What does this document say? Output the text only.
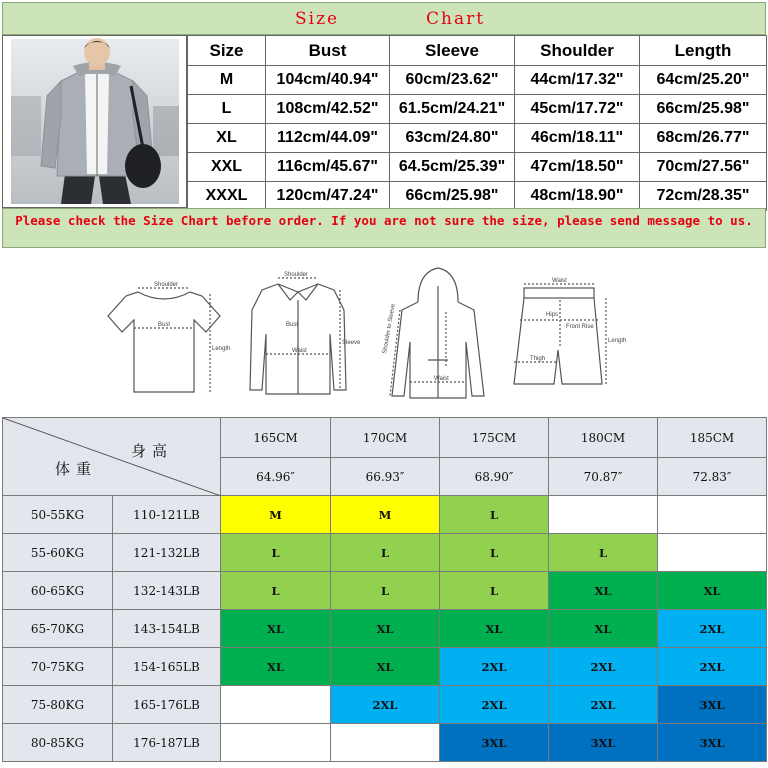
Size	Chart
Size	Bust	Sleeve	Shoulder	Length
M	104cm/40.94"	60cm/23.62"	44cm/17.32"	64cm/25.20"
L	108cm/42.52"	61.5cm/24.21"	45cm/17.72"	66cm/25.98"
XL	112cm/44.09"	63cm/24.80"	46cm/18.11"	68cm/26.77"
XXL	116cm/45.67"	64.5cm/25.39"	47cm/18.50"	70cm/27.56"
XXXL	120cm/47.24"	66cm/25.98"	48cm/18.90"	72cm/28.35"
Please check the Size Chart before order. If you are not sure the size, please send message to us.
Shoulder
Bust
Length
Shoulder
Waist
Bust
Sleeve	Shoulder to Sleeve
Waist
Waist
Hips
Front Rise
Thigh
Length
身高
体重		165CM	170CM	175CM	180CM	185CM
		64.96″	66.93″	68.90″	70.87″	72.83″
50-55KG	110-121LB	M	M	L		
55-60KG	121-132LB	L	L	L	L	
60-65KG	132-143LB	L	L	L	XL	XL
65-70KG	143-154LB	XL	XL	XL	XL	2XL
70-75KG	154-165LB	XL	XL	2XL	2XL	2XL
75-80KG	165-176LB		2XL	2XL	2XL	3XL
80-85KG	176-187LB			3XL	3XL	3XL
